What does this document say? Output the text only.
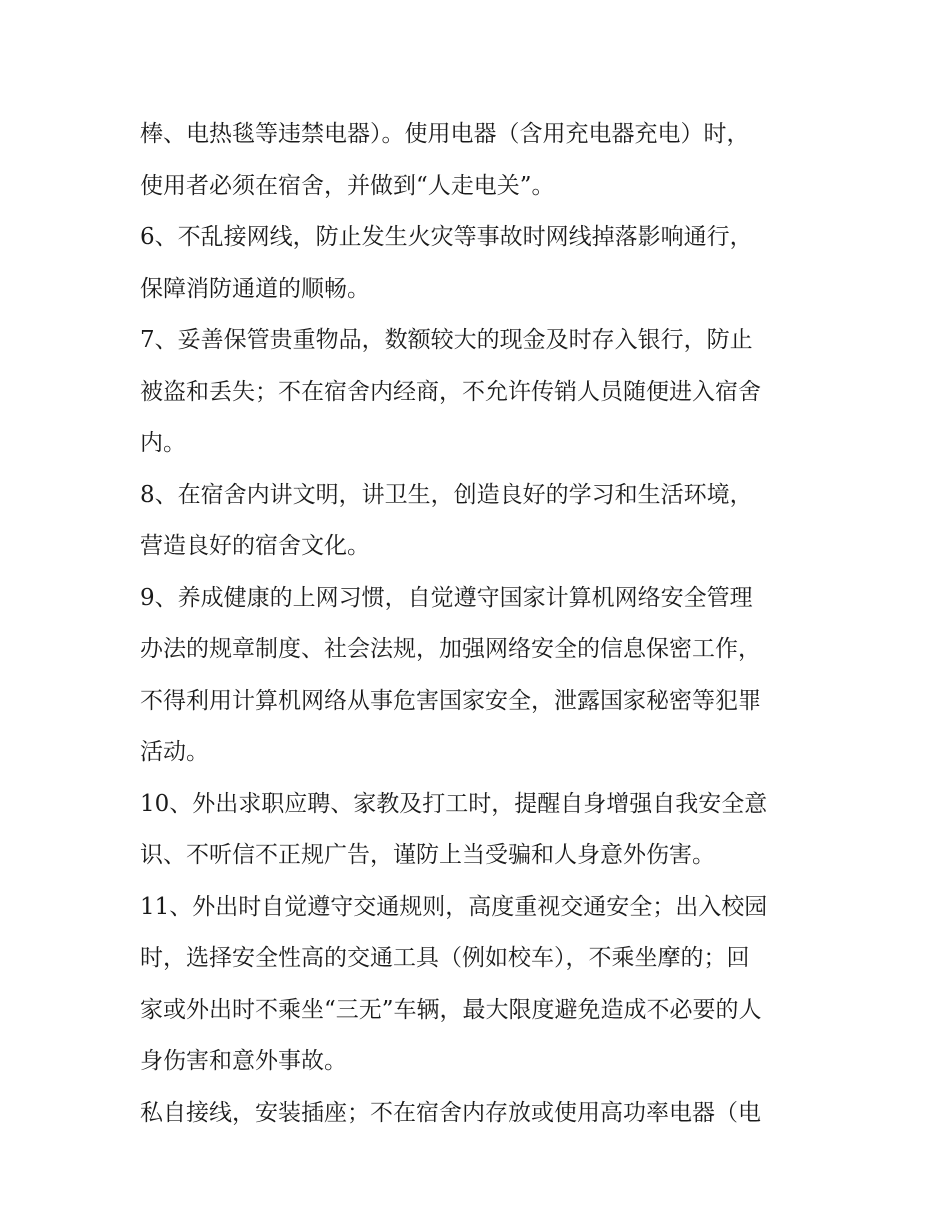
棒、电热毯等违禁电器）。使用电器（含用充电器充电）时，
使用者必须在宿舍，并做到“人走电关”。
6、不乱接网线，防止发生火灾等事故时网线掉落影响通行，
保障消防通道的顺畅。
7、妥善保管贵重物品，数额较大的现金及时存入银行，防止
被盗和丢失；不在宿舍内经商，不允许传销人员随便进入宿舍
内。
8、在宿舍内讲文明，讲卫生，创造良好的学习和生活环境，
营造良好的宿舍文化。
9、养成健康的上网习惯，自觉遵守国家计算机网络安全管理
办法的规章制度、社会法规，加强网络安全的信息保密工作，
不得利用计算机网络从事危害国家安全，泄露国家秘密等犯罪
活动。
10、外出求职应聘、家教及打工时，提醒自身增强自我安全意
识、不听信不正规广告，谨防上当受骗和人身意外伤害。
11、外出时自觉遵守交通规则，高度重视交通安全；出入校园
时，选择安全性高的交通工具（例如校车），不乘坐摩的；回
家或外出时不乘坐“三无”车辆，最大限度避免造成不必要的人
身伤害和意外事故。
私自接线，安装插座；不在宿舍内存放或使用高功率电器（电
